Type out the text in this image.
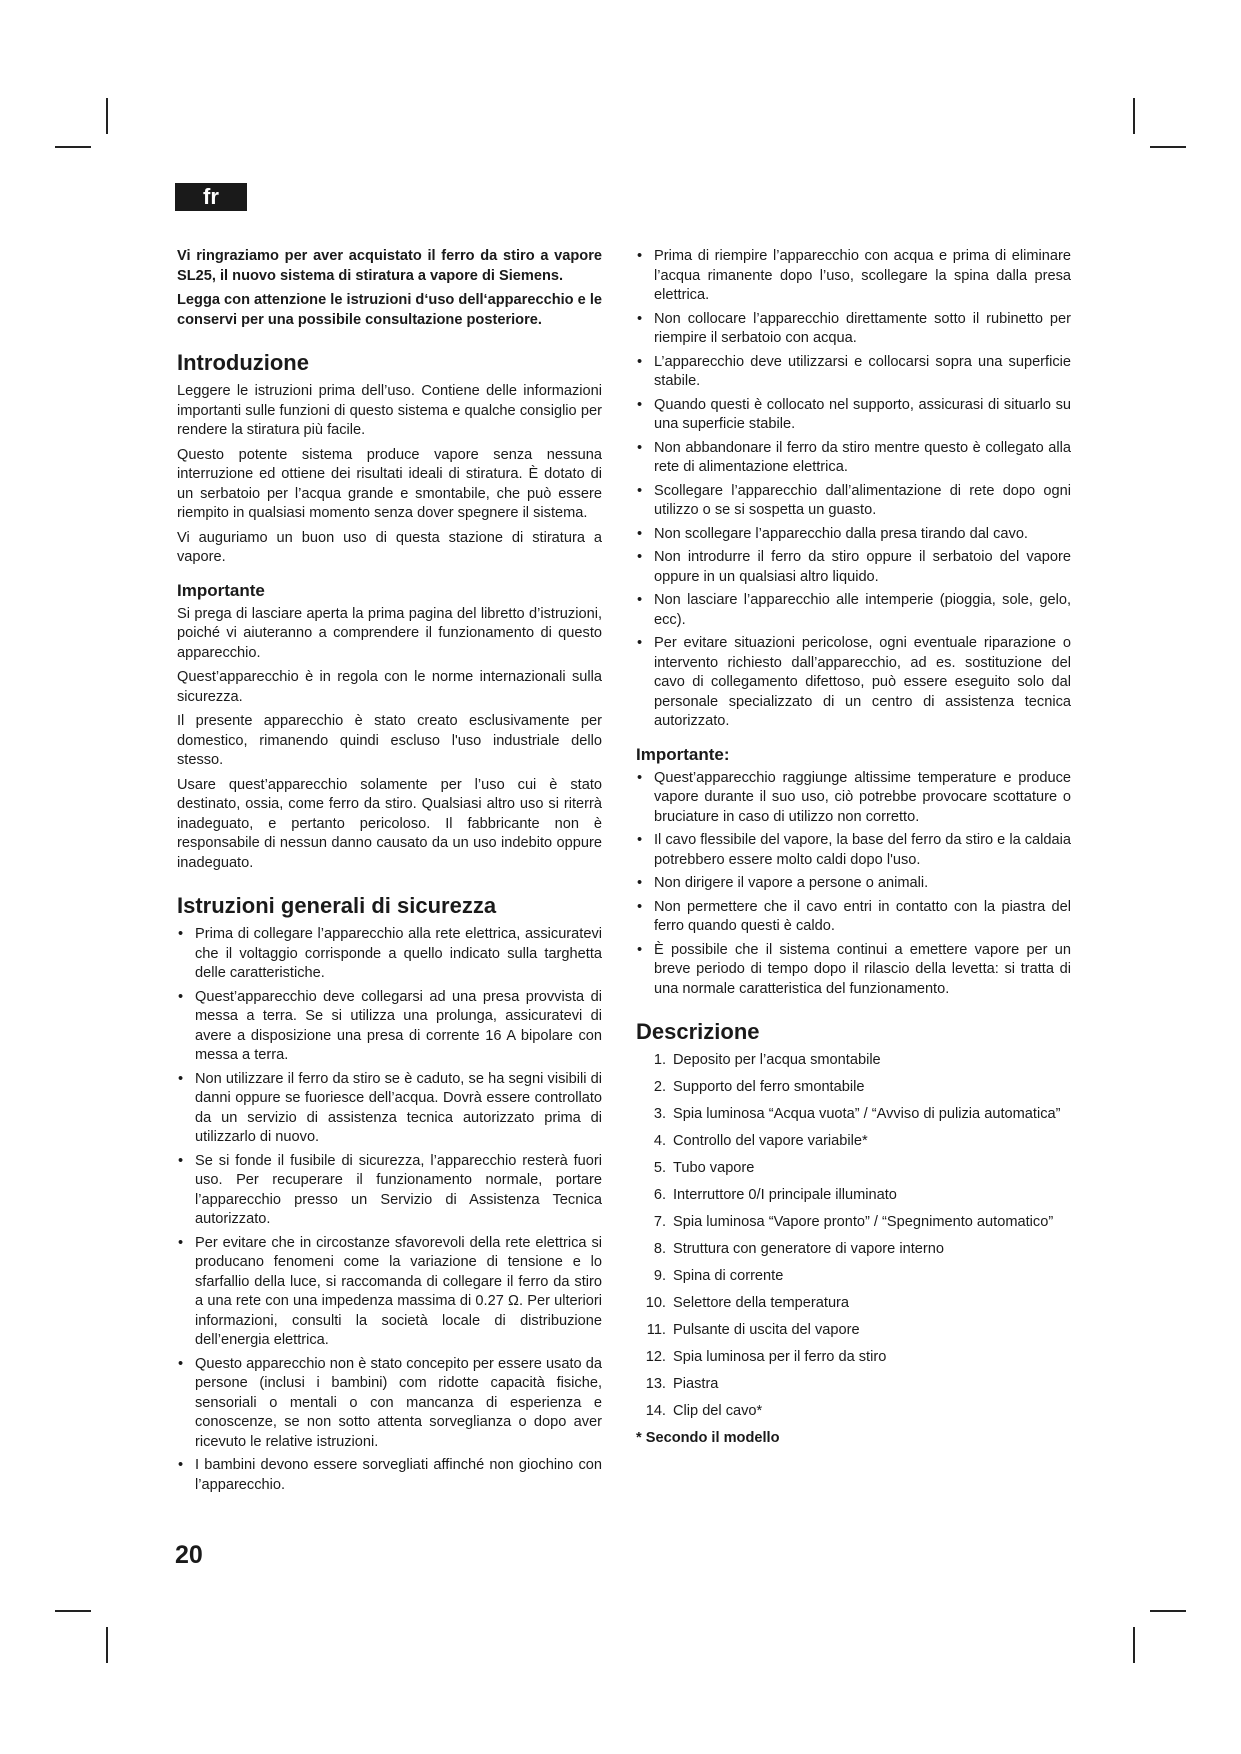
fr

Vi ringraziamo per aver acquistato il ferro da stiro a vapore SL25, il nuovo sistema di stiratura a vapore di Siemens.

Legga con attenzione le istruzioni d‘uso dell‘apparecchio e le conservi per una possibile consultazione posteriore.

Introduzione

Leggere le istruzioni prima dell’uso. Contiene delle informazioni importanti sulle funzioni di questo sistema e qualche consiglio per rendere la stiratura più facile.

Questo potente sistema produce vapore senza nessuna interruzione ed ottiene dei risultati ideali di stiratura. È dotato di un serbatoio per l’acqua grande e smontabile, che può essere riempito in qualsiasi momento senza dover spegnere il sistema.

Vi auguriamo un buon uso di questa stazione di stiratura a vapore.

Importante

Si prega di lasciare aperta la prima pagina del libretto d’istruzioni, poiché vi aiuteranno a comprendere il funzionamento di questo apparecchio.

Quest’apparecchio è in regola con le norme internazionali sulla sicurezza.

Il presente apparecchio è stato creato esclusivamente per domestico, rimanendo quindi escluso l'uso industriale dello stesso.

Usare quest’apparecchio solamente per l’uso cui è stato destinato, ossia, come ferro da stiro. Qualsiasi altro uso si riterrà inadeguato, e pertanto pericoloso. Il fabbricante non è responsabile di nessun danno causato da un uso indebito oppure inadeguato.

Istruzioni generali di sicurezza
• Prima di collegare l’apparecchio alla rete elettrica, assicuratevi che il voltaggio corrisponde a quello indicato sulla targhetta delle caratteristiche.
• Quest’apparecchio deve collegarsi ad una presa provvista di messa a terra. Se si utilizza una prolunga, assicuratevi di avere a disposizione una presa di corrente 16 A bipolare con messa a terra.
• Non utilizzare il ferro da stiro se è caduto, se ha segni visibili di danni oppure se fuoriesce dell’acqua. Dovrà essere controllato da un servizio di assistenza tecnica autorizzato prima di utilizzarlo di nuovo.
• Se si fonde il fusibile di sicurezza, l’apparecchio resterà fuori uso. Per recuperare il funzionamento normale, portare l’apparecchio presso un Servizio di Assistenza Tecnica autorizzato.
• Per evitare che in circostanze sfavorevoli della rete elettrica si producano fenomeni come la variazione di tensione e lo sfarfallio della luce, si raccomanda di collegare il ferro da stiro a una rete con una impedenza massima di 0.27 Ω. Per ulteriori informazioni, consulti la società locale di distribuzione dell’energia elettrica.
• Questo apparecchio non è stato concepito per essere usato da persone (inclusi i bambini) com ridotte capacità fisiche, sensoriali o mentali o con mancanza di esperienza e conoscenze, se non sotto attenta sorveglianza o dopo aver ricevuto le relative istruzioni.
• I bambini devono essere sorvegliati affinché non giochino con l’apparecchio.
• Prima di riempire l’apparecchio con acqua e prima di eliminare l’acqua rimanente dopo l’uso, scollegare la spina dalla presa elettrica.
• Non collocare l’apparecchio direttamente sotto il rubinetto per riempire il serbatoio con acqua.
• L’apparecchio deve utilizzarsi e collocarsi sopra una superficie stabile.
• Quando questi è collocato nel supporto, assicurasi di situarlo su una superficie stabile.
• Non abbandonare il ferro da stiro mentre questo è collegato alla rete di alimentazione elettrica.
• Scollegare l’apparecchio dall’alimentazione di rete dopo ogni utilizzo o se si sospetta un guasto.
• Non scollegare l’apparecchio dalla presa tirando dal cavo.
• Non introdurre il ferro da stiro oppure il serbatoio del vapore oppure in un qualsiasi altro liquido.
• Non lasciare l’apparecchio alle intemperie (pioggia, sole, gelo, ecc).
• Per evitare situazioni pericolose, ogni eventuale riparazione o intervento richiesto dall’apparecchio, ad es. sostituzione del cavo di collegamento difettoso, può essere eseguito solo dal personale specializzato di un centro di assistenza tecnica autorizzato.
Importante:
• Quest’apparecchio raggiunge altissime temperature e produce vapore durante il suo uso, ciò potrebbe provocare scottature o bruciature in caso di utilizzo non corretto.
• Il cavo flessibile del vapore, la base del ferro da stiro e la caldaia potrebbero essere molto caldi dopo l'uso.
• Non dirigere il vapore a persone o animali.
• Non permettere che il cavo entri in contatto con la piastra del ferro quando questi è caldo.
• È possibile che il sistema continui a emettere vapore per un breve periodo di tempo dopo il rilascio della levetta: si tratta di una normale caratteristica del funzionamento.
Descrizione
1. Deposito per l’acqua smontabile
2. Supporto del ferro smontabile
3. Spia luminosa “Acqua vuota” / “Avviso di pulizia automatica”
4. Controllo del vapore variabile*
5. Tubo vapore
6. Interruttore 0/I principale illuminato
7. Spia luminosa “Vapore pronto” / “Spegnimento automatico”
8. Struttura con generatore di vapore interno
9. Spina di corrente
10. Selettore della temperatura
11. Pulsante di uscita del vapore
12. Spia luminosa per il ferro da stiro
13. Piastra
14. Clip del cavo*
* Secondo il modello
20
